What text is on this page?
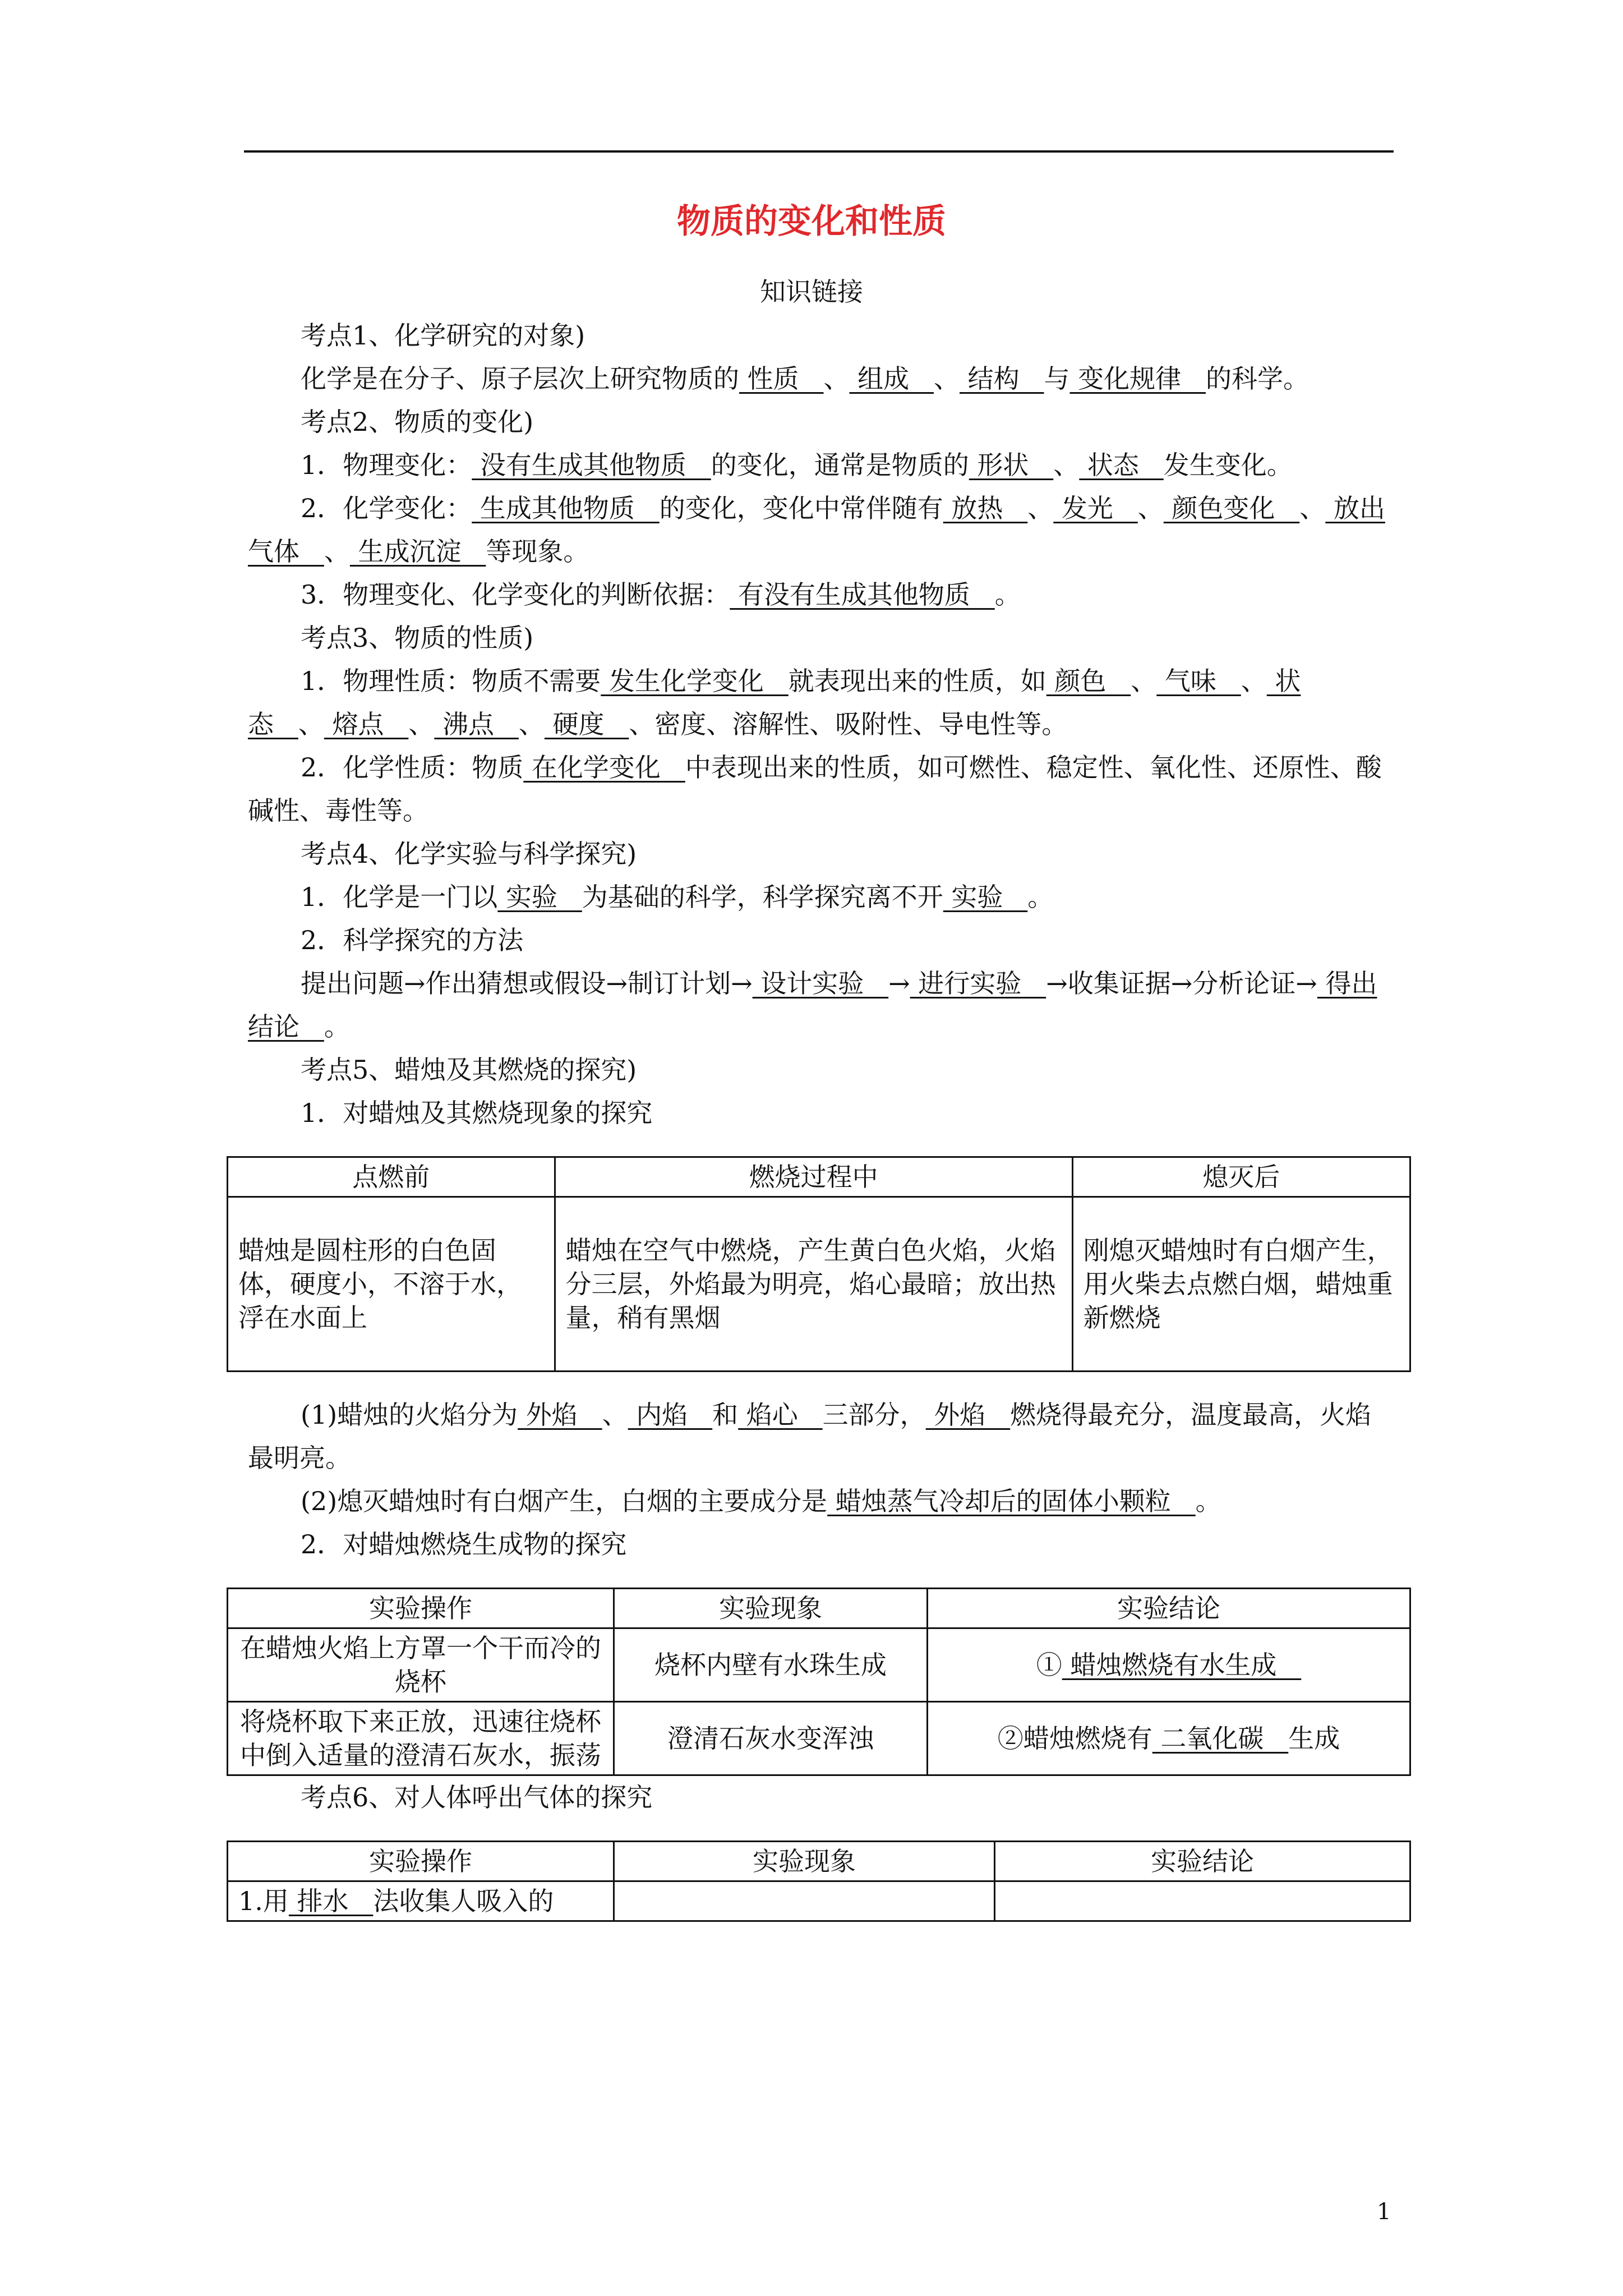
物质的变化和性质
知识链接

考点1、化学研究的对象)

化学是在分子、原子层次上研究物质的 性质   、 组成   、 结构   与 变化规律   的科学。

考点2、物质的变化)

1．物理变化： 没有生成其他物质   的变化，通常是物质的 形状   、 状态   发生变化。

2．化学变化： 生成其他物质   的变化，变化中常伴随有 放热   、 发光   、 颜色变化   、 放出气体   、 生成沉淀   等现象。

3．物理变化、化学变化的判断依据： 有没有生成其他物质   。

考点3、物质的性质)

1．物理性质：物质不需要 发生化学变化   就表现出来的性质，如 颜色   、 气味   、 状态   、 熔点   、 沸点   、 硬度   、密度、溶解性、吸附性、导电性等。

2．化学性质：物质 在化学变化   中表现出来的性质，如可燃性、稳定性、氧化性、还原性、酸碱性、毒性等。

考点4、化学实验与科学探究)

1．化学是一门以 实验   为基础的科学，科学探究离不开 实验   。

2．科学探究的方法

提出问题→作出猜想或假设→制订计划→ 设计实验   → 进行实验   →收集证据→分析论证→ 得出结论   。

考点5、蜡烛及其燃烧的探究)

1．对蜡烛及其燃烧现象的探究

点燃前	燃烧过程中	熄灭后
蜡烛是圆柱形的白色固体，硬度小，不溶于水，浮在水面上	蜡烛在空气中燃烧，产生黄白色火焰，火焰分三层，外焰最为明亮，焰心最暗；放出热量，稍有黑烟	刚熄灭蜡烛时有白烟产生，用火柴去点燃白烟，蜡烛重新燃烧

(1)蜡烛的火焰分为 外焰   、 内焰   和 焰心   三部分， 外焰   燃烧得最充分，温度最高，火焰最明亮。

(2)熄灭蜡烛时有白烟产生，白烟的主要成分是 蜡烛蒸气冷却后的固体小颗粒   。

2．对蜡烛燃烧生成物的探究

实验操作	实验现象	实验结论
在蜡烛火焰上方罩一个干而冷的烧杯	烧杯内壁有水珠生成	① 蜡烛燃烧有水生成
将烧杯取下来正放，迅速往烧杯中倒入适量的澄清石灰水，振荡	澄清石灰水变浑浊	②蜡烛燃烧有 二氧化碳   生成

考点6、对人体呼出气体的探究

实验操作	实验现象	实验结论
1.用 排水   法收集人吸入的		
1
